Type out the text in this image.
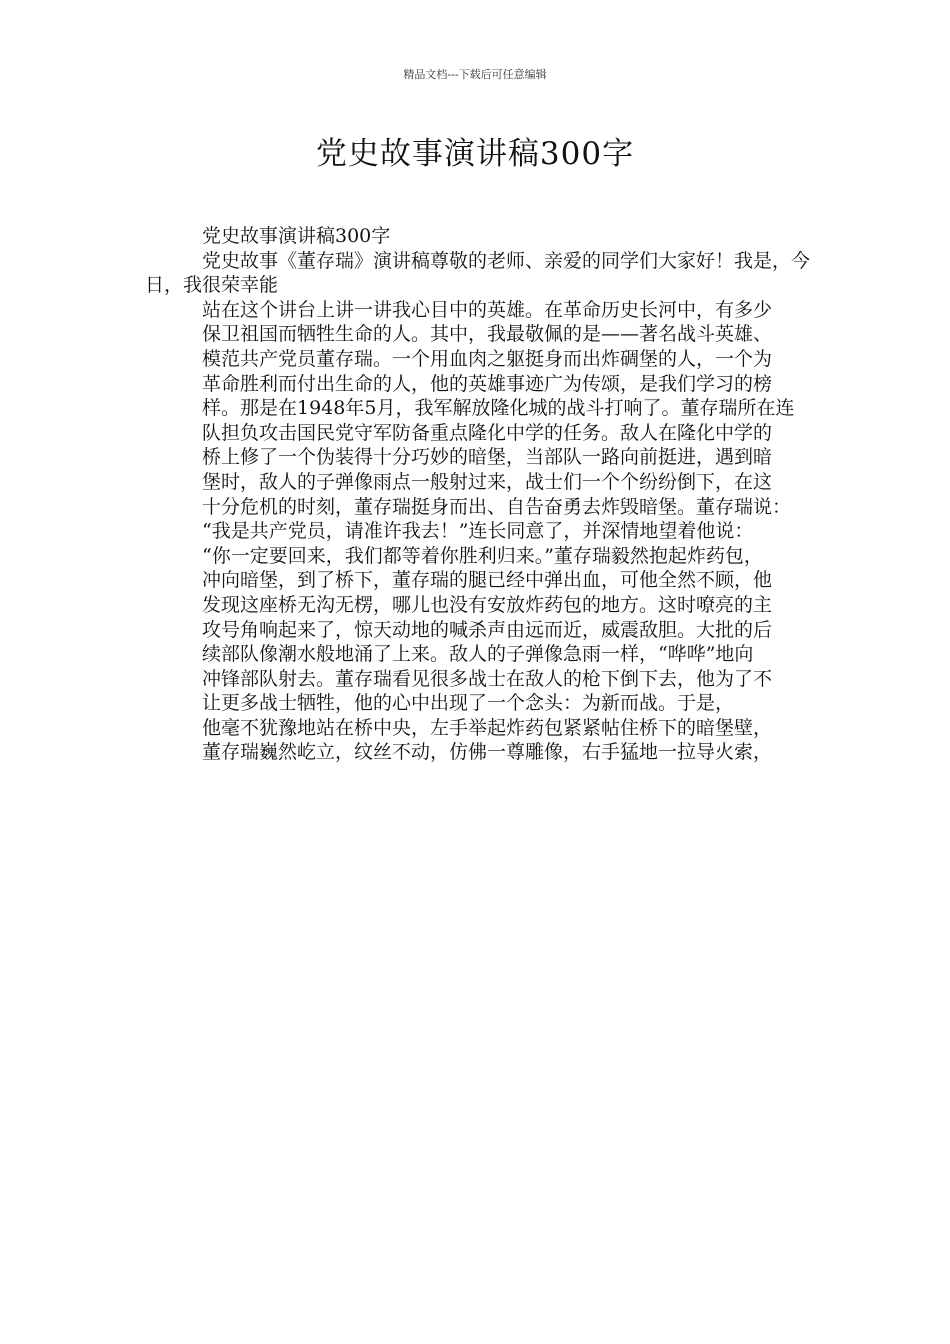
精品文档---下载后可任意编辑
党史故事演讲稿300字

党史故事演讲稿300字

党史故事《董存瑞》演讲稿尊敬的老师、亲爱的同学们大家好！我是，今日，我很荣幸能

站在这个讲台上讲一讲我心目中的英雄。在革命历史长河中，有多少

保卫祖国而牺牲生命的人。其中，我最敬佩的是——著名战斗英雄、

模范共产党员董存瑞。一个用血肉之躯挺身而出炸碉堡的人，一个为

革命胜利而付出生命的人，他的英雄事迹广为传颂，是我们学习的榜

样。那是在1948年5月，我军解放隆化城的战斗打响了。董存瑞所在连

队担负攻击国民党守军防备重点隆化中学的任务。敌人在隆化中学的

桥上修了一个伪装得十分巧妙的暗堡，当部队一路向前挺进，遇到暗

堡时，敌人的子弹像雨点一般射过来，战士们一个个纷纷倒下，在这

十分危机的时刻，董存瑞挺身而出、自告奋勇去炸毁暗堡。董存瑞说：

“我是共产党员，请准许我去！”连长同意了，并深情地望着他说：

“你一定要回来，我们都等着你胜利归来。”董存瑞毅然抱起炸药包，

冲向暗堡，到了桥下，董存瑞的腿已经中弹出血，可他全然不顾，他

发现这座桥无沟无楞，哪儿也没有安放炸药包的地方。这时嘹亮的主

攻号角响起来了，惊天动地的喊杀声由远而近，威震敌胆。大批的后

续部队像潮水般地涌了上来。敌人的子弹像急雨一样，“哗哗”地向

冲锋部队射去。董存瑞看见很多战士在敌人的枪下倒下去，他为了不

让更多战士牺牲，他的心中出现了一个念头：为新而战。于是，

他毫不犹豫地站在桥中央，左手举起炸药包紧紧帖住桥下的暗堡壁，

董存瑞巍然屹立，纹丝不动，仿佛一尊雕像，右手猛地一拉导火索，
